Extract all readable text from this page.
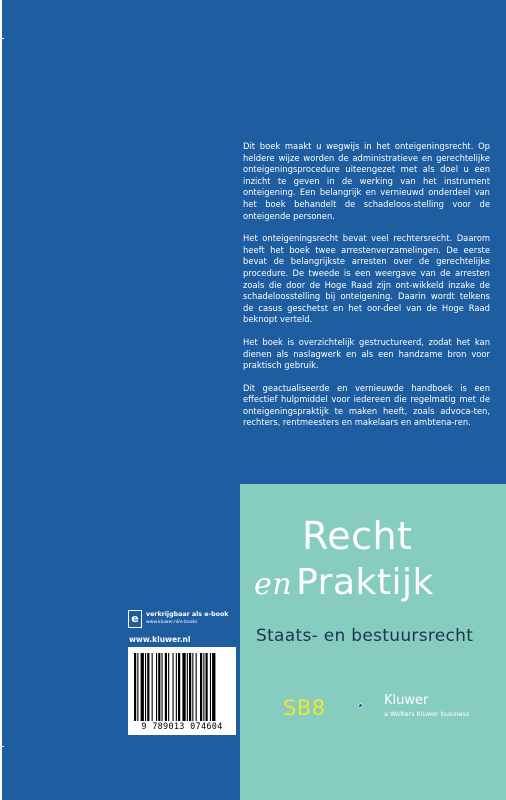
Dit boek maakt u wegwijs in het onteigeningsrecht. Op heldere wijze worden de administratieve en gerechtelijke onteigeningsprocedure uiteengezet met als doel u een inzicht te geven in de werking van het instrument onteigening. Een belangrijk en vernieuwd onderdeel van het boek behandelt de schadeloos-stelling voor de onteigende personen.

Het onteigeningsrecht bevat veel rechtersrecht. Daarom heeft het boek twee arrestenverzamelingen. De eerste bevat de belangrijkste arresten over de gerechtelijke procedure. De tweede is een weergave van de arresten zoals die door de Hoge Raad zijn ont-wikkeld inzake de schadeloosstelling bij onteigening. Daarin wordt telkens de casus geschetst en het oor-deel van de Hoge Raad beknopt verteld.

Het boek is overzichtelijk gestructureerd, zodat het kan dienen als naslagwerk en als een handzame bron voor praktisch gebruik.

Dit geactualiseerde en vernieuwde handboek is een effectief hulpmiddel voor iedereen die regelmatig met de onteigeningspraktijk te maken heeft, zoals advoca-ten, rechters, rentmeesters en makelaars en ambtena-ren.

e	verkrijgbaar als e-book
www.kluwer.nl/e-books
www.kluwer.nl
9 789013 074604
Recht
en Praktijk
Staats- en bestuursrecht
SB8	Kluwer
a Wolters Kluwer business
